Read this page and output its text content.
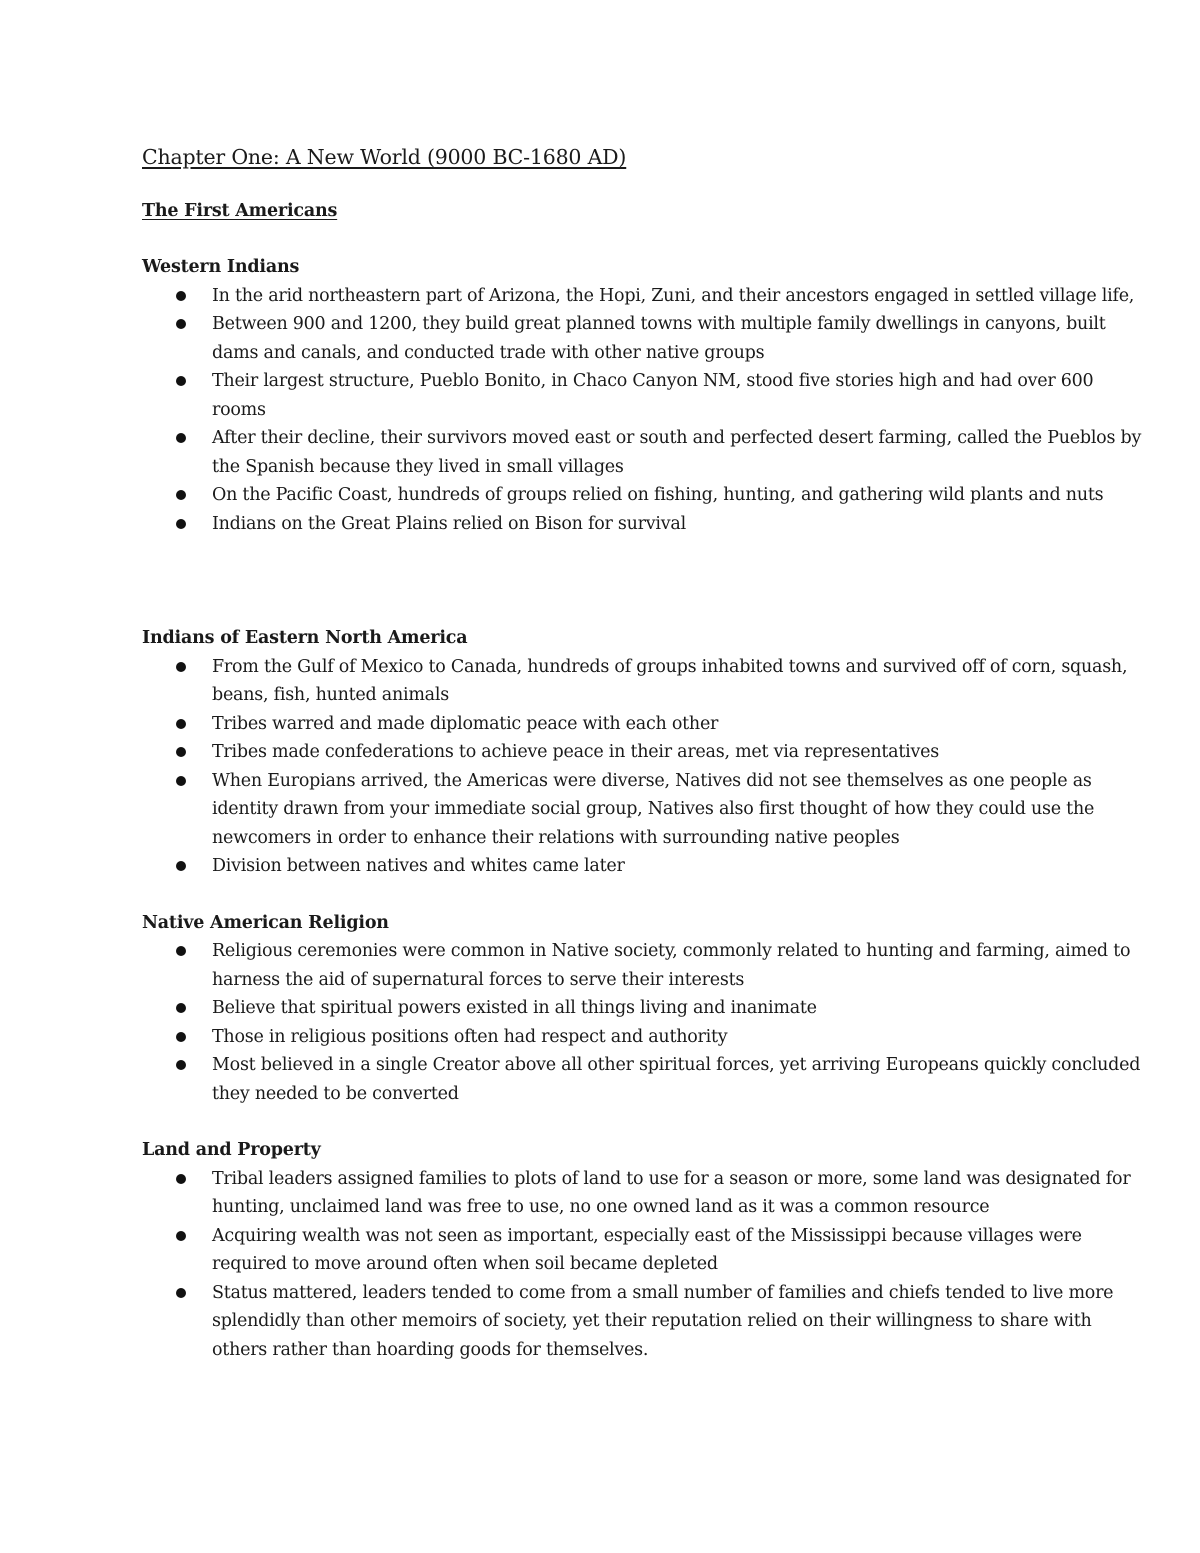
Chapter One: A New World (9000 BC-1680 AD)
The First Americans
Western Indians
In the arid northeastern part of Arizona, the Hopi, Zuni, and their ancestors engaged in settled village life,
Between 900 and 1200, they build great planned towns with multiple family dwellings in canyons, built dams and canals, and conducted trade with other native groups
Their largest structure, Pueblo Bonito, in Chaco Canyon NM, stood five stories high and had over 600 rooms
After their decline, their survivors moved east or south and perfected desert farming, called the Pueblos by the Spanish because they lived in small villages
On the Pacific Coast, hundreds of groups relied on fishing, hunting, and gathering wild plants and nuts
Indians on the Great Plains relied on Bison for survival
Indians of Eastern North America
From the Gulf of Mexico to Canada, hundreds of groups inhabited towns and survived off of corn, squash, beans, fish, hunted animals
Tribes warred and made diplomatic peace with each other
Tribes made confederations to achieve peace in their areas, met via representatives
When Europians arrived, the Americas were diverse, Natives did not see themselves as one people as identity drawn from your immediate social group, Natives also first thought of how they could use the newcomers in order to enhance their relations with surrounding native peoples
Division between natives and whites came later
Native American Religion
Religious ceremonies were common in Native society, commonly related to hunting and farming, aimed to harness the aid of supernatural forces to serve their interests
Believe that spiritual powers existed in all things living and inanimate
Those in religious positions often had respect and authority
Most believed in a single Creator above all other spiritual forces, yet arriving Europeans quickly concluded they needed to be converted
Land and Property
Tribal leaders assigned families to plots of land to use for a season or more, some land was designated for hunting, unclaimed land was free to use, no one owned land as it was a common resource
Acquiring wealth was not seen as important, especially east of the Mississippi because villages were required to move around often when soil became depleted
Status mattered, leaders tended to come from a small number of families and chiefs tended to live more splendidly than other memoirs of society, yet their reputation relied on their willingness to share with others rather than hoarding goods for themselves.
